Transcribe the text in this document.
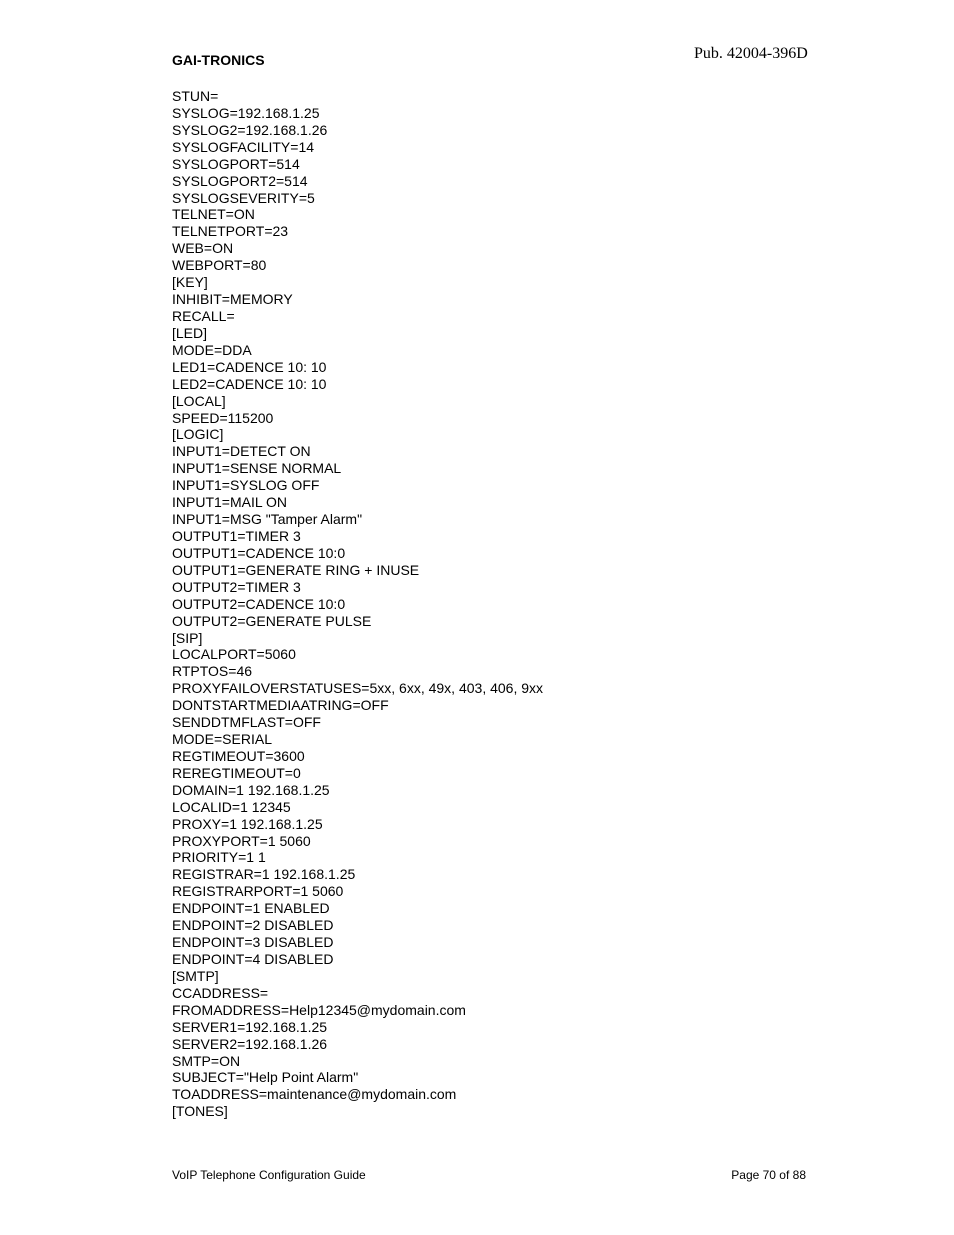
GAI-TRONICS	Pub. 42004-396D
STUN=
SYSLOG=192.168.1.25
SYSLOG2=192.168.1.26
SYSLOGFACILITY=14
SYSLOGPORT=514
SYSLOGPORT2=514
SYSLOGSEVERITY=5
TELNET=ON
TELNETPORT=23
WEB=ON
WEBPORT=80
[KEY]
INHIBIT=MEMORY
RECALL=
[LED]
MODE=DDA
LED1=CADENCE 10: 10
LED2=CADENCE 10: 10
[LOCAL]
SPEED=115200
[LOGIC]
INPUT1=DETECT ON
INPUT1=SENSE NORMAL
INPUT1=SYSLOG OFF
INPUT1=MAIL ON
INPUT1=MSG "Tamper Alarm"
OUTPUT1=TIMER 3
OUTPUT1=CADENCE 10:0
OUTPUT1=GENERATE RING + INUSE
OUTPUT2=TIMER 3
OUTPUT2=CADENCE 10:0
OUTPUT2=GENERATE PULSE
[SIP]
LOCALPORT=5060
RTPTOS=46
PROXYFAILOVERSTATUSES=5xx, 6xx, 49x, 403, 406, 9xx
DONTSTARTMEDIAATRING=OFF
SENDDTMFLAST=OFF
MODE=SERIAL
REGTIMEOUT=3600
REREGTIMEOUT=0
DOMAIN=1 192.168.1.25
LOCALID=1 12345
PROXY=1 192.168.1.25
PROXYPORT=1 5060
PRIORITY=1 1
REGISTRAR=1 192.168.1.25
REGISTRARPORT=1 5060
ENDPOINT=1 ENABLED
ENDPOINT=2 DISABLED
ENDPOINT=3 DISABLED
ENDPOINT=4 DISABLED
[SMTP]
CCADDRESS=
FROMADDRESS=Help12345@mydomain.com
SERVER1=192.168.1.25
SERVER2=192.168.1.26
SMTP=ON
SUBJECT="Help Point Alarm"
TOADDRESS=maintenance@mydomain.com
[TONES]
VoIP Telephone Configuration Guide	Page 70 of 88
